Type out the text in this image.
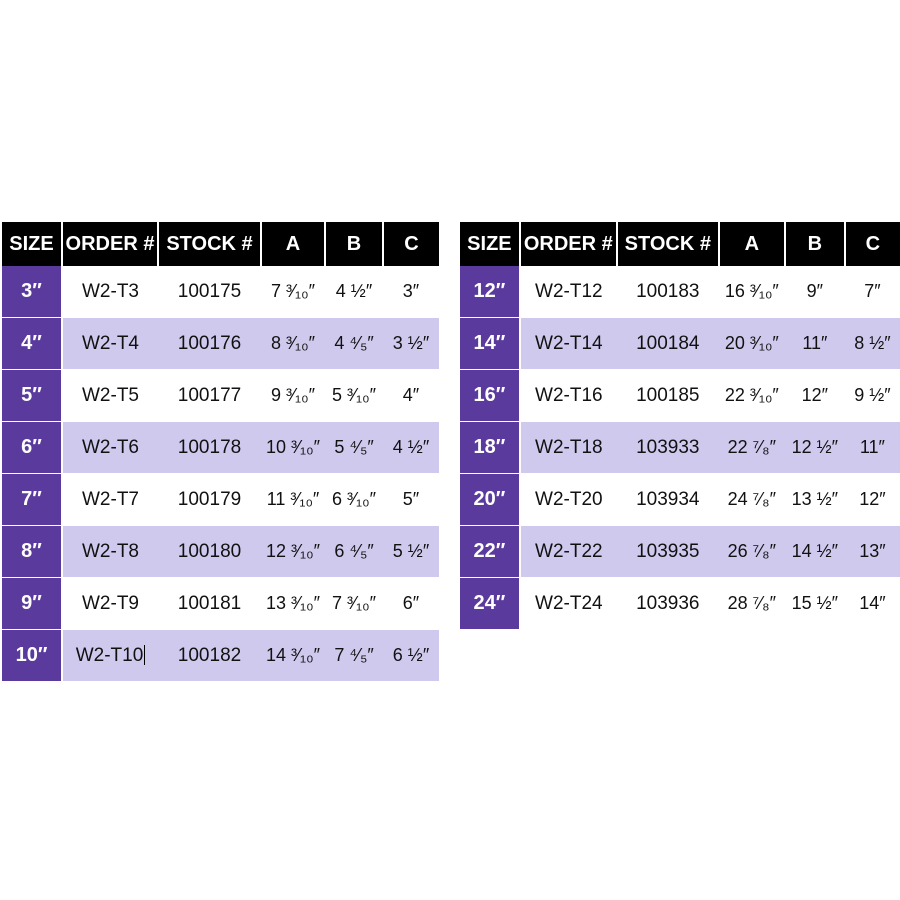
SIZE	ORDER #	STOCK #	A	B	C
3″	W2-T3	100175	7 ³⁄₁₀″	4 ½″	3″
4″	W2-T4	100176	8 ³⁄₁₀″	4 ⁴⁄₅″	3 ½″
5″	W2-T5	100177	9 ³⁄₁₀″	5 ³⁄₁₀″	4″
6″	W2-T6	100178	10 ³⁄₁₀″	5 ⁴⁄₅″	4 ½″
7″	W2-T7	100179	11 ³⁄₁₀″	6 ³⁄₁₀″	5″
8″	W2-T8	100180	12 ³⁄₁₀″	6 ⁴⁄₅″	5 ½″
9″	W2-T9	100181	13 ³⁄₁₀″	7 ³⁄₁₀″	6″
10″	W2-T10	100182	14 ³⁄₁₀″	7 ⁴⁄₅″	6 ½″
SIZE	ORDER #	STOCK #	A	B	C
12″	W2-T12	100183	16 ³⁄₁₀″	9″	7″
14″	W2-T14	100184	20 ³⁄₁₀″	11″	8 ½″
16″	W2-T16	100185	22 ³⁄₁₀″	12″	9 ½″
18″	W2-T18	103933	22 ⁷⁄₈″	12 ½″	11″
20″	W2-T20	103934	24 ⁷⁄₈″	13 ½″	12″
22″	W2-T22	103935	26 ⁷⁄₈″	14 ½″	13″
24″	W2-T24	103936	28 ⁷⁄₈″	15 ½″	14″
